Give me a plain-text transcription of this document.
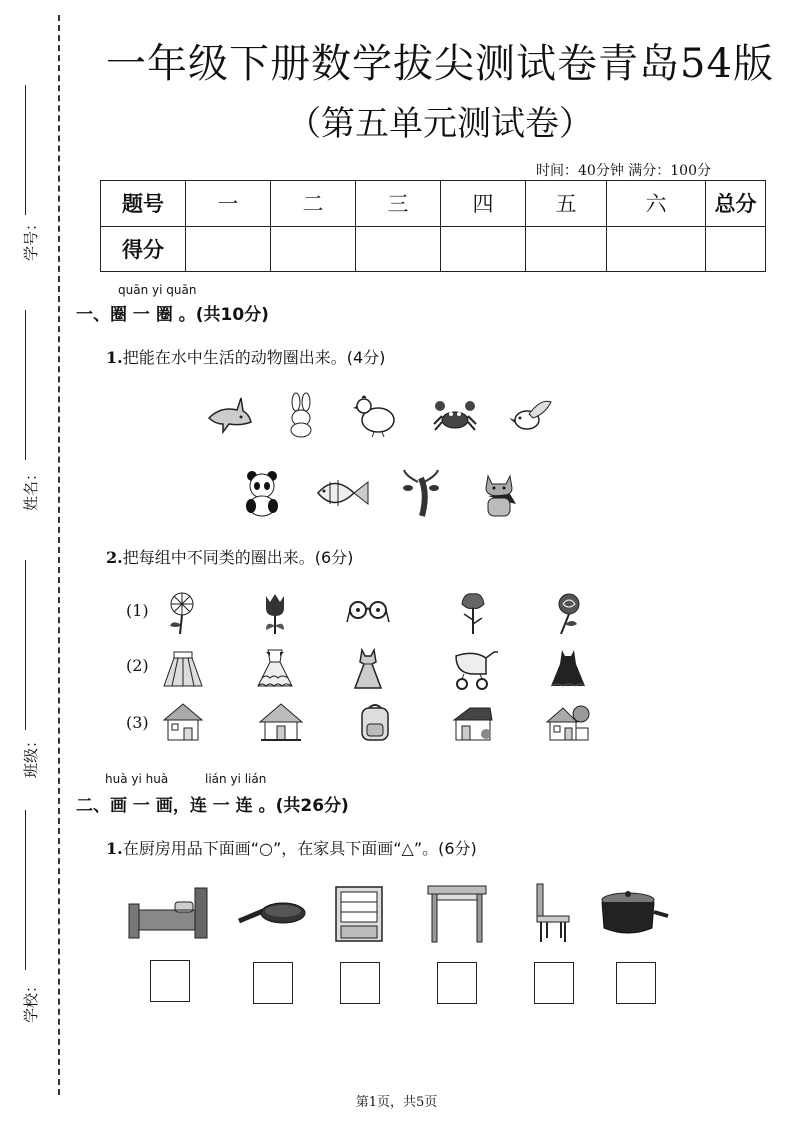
学号：
姓名：
班级：
学校：
一年级下册数学拔尖测试卷青岛54版
（第五单元测试卷）
时间：40分钟 满分：100分
题号	一	二	三	四	五	六	总分
得分							
quān yi quān
一、圈 一 圈 。(共10分)
1.把能在水中生活的动物圈出来。(4分)
2.把每组中不同类的圈出来。(6分)
(1)
(2)
(3)
huà yi huà	lián yi lián
二、画 一 画，连 一 连 。(共26分)
1.在厨房用品下面画“○”，在家具下面画“△”。(6分)
第1页，共5页
